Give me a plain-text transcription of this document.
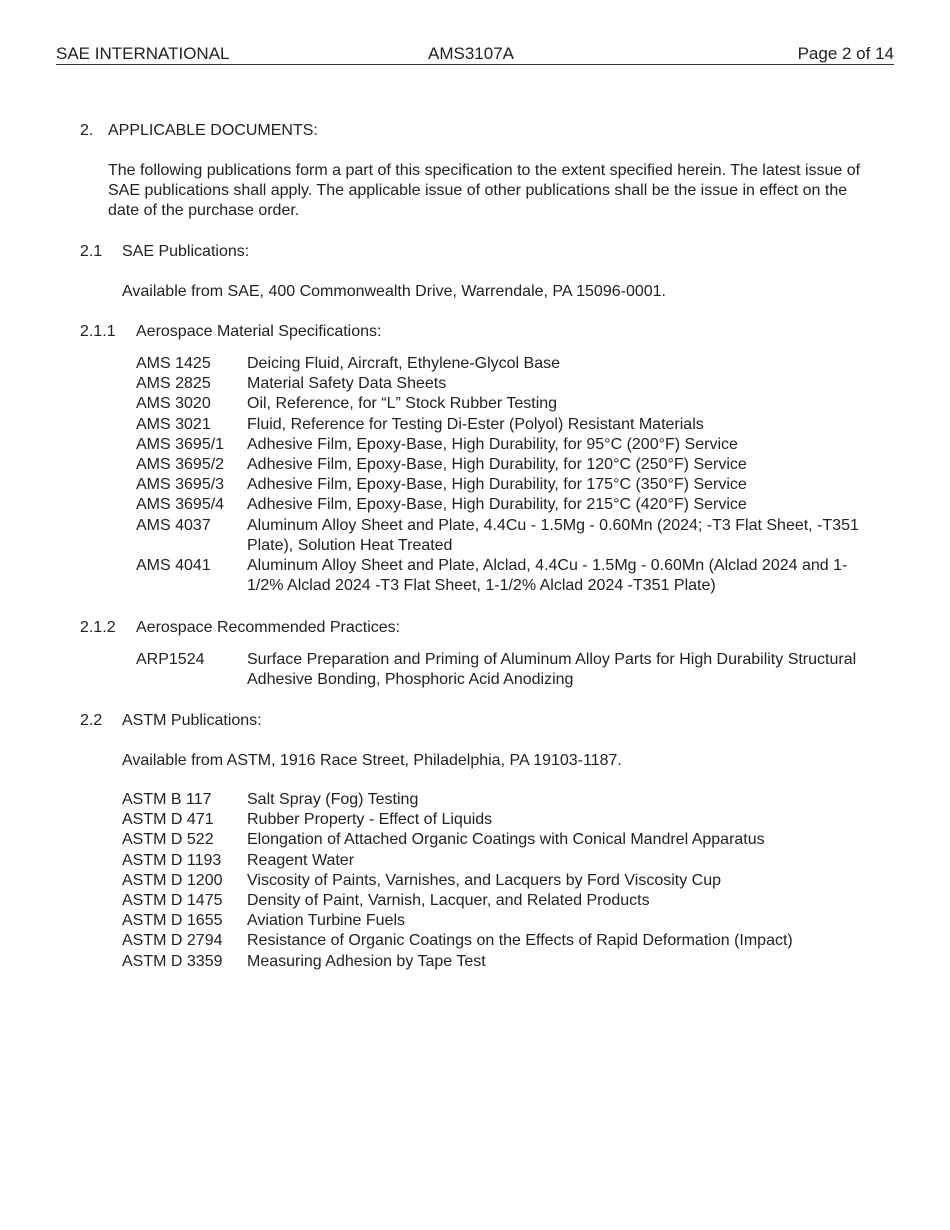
SAE INTERNATIONAL	AMS3107A	Page 2 of 14
2. APPLICABLE DOCUMENTS:
The following publications form a part of this specification to the extent specified herein. The latest issue of SAE publications shall apply. The applicable issue of other publications shall be the issue in effect on the date of the purchase order.
2.1 SAE Publications:
Available from SAE, 400 Commonwealth Drive, Warrendale, PA 15096-0001.
2.1.1 Aerospace Material Specifications:
AMS 1425	Deicing Fluid, Aircraft, Ethylene-Glycol Base
AMS 2825	Material Safety Data Sheets
AMS 3020	Oil, Reference, for “L” Stock Rubber Testing
AMS 3021	Fluid, Reference for Testing Di-Ester (Polyol) Resistant Materials
AMS 3695/1	Adhesive Film, Epoxy-Base, High Durability, for 95°C (200°F) Service
AMS 3695/2	Adhesive Film, Epoxy-Base, High Durability, for 120°C (250°F) Service
AMS 3695/3	Adhesive Film, Epoxy-Base, High Durability, for 175°C (350°F) Service
AMS 3695/4	Adhesive Film, Epoxy-Base, High Durability, for 215°C (420°F) Service
AMS 4037	Aluminum Alloy Sheet and Plate, 4.4Cu - 1.5Mg - 0.60Mn (2024; -T3 Flat Sheet, -T351 Plate), Solution Heat Treated
AMS 4041	Aluminum Alloy Sheet and Plate, Alclad, 4.4Cu - 1.5Mg - 0.60Mn (Alclad 2024 and 1-1/2% Alclad 2024 -T3 Flat Sheet, 1-1/2% Alclad 2024 -T351 Plate)
2.1.2 Aerospace Recommended Practices:
ARP1524	Surface Preparation and Priming of Aluminum Alloy Parts for High Durability Structural Adhesive Bonding, Phosphoric Acid Anodizing
2.2 ASTM Publications:
Available from ASTM, 1916 Race Street, Philadelphia, PA 19103-1187.
ASTM B 117	Salt Spray (Fog) Testing
ASTM D 471	Rubber Property - Effect of Liquids
ASTM D 522	Elongation of Attached Organic Coatings with Conical Mandrel Apparatus
ASTM D 1193	Reagent Water
ASTM D 1200	Viscosity of Paints, Varnishes, and Lacquers by Ford Viscosity Cup
ASTM D 1475	Density of Paint, Varnish, Lacquer, and Related Products
ASTM D 1655	Aviation Turbine Fuels
ASTM D 2794	Resistance of Organic Coatings on the Effects of Rapid Deformation (Impact)
ASTM D 3359	Measuring Adhesion by Tape Test
